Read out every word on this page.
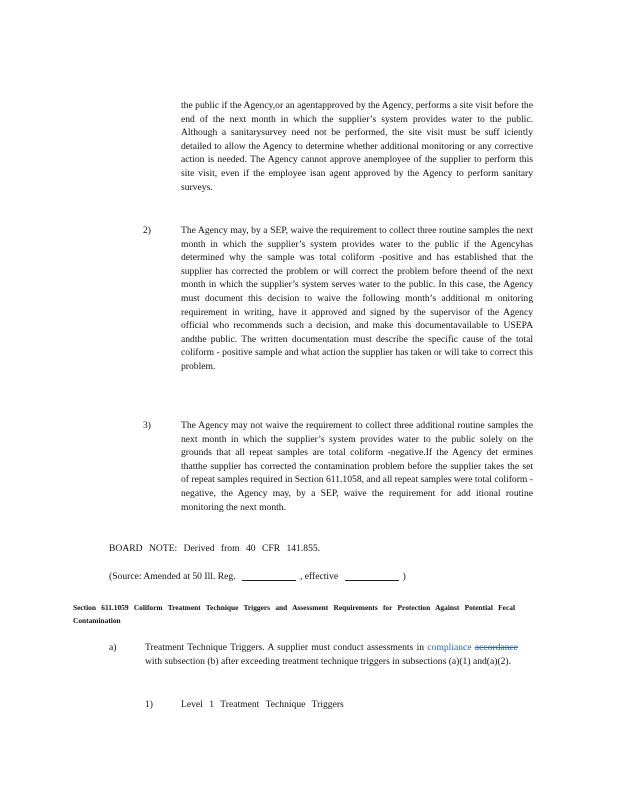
the public if the Agency,or an agentapproved by the Agency, performs a site visit before the end of the next month in which the supplier’s system provides water to the public. Although a sanitarysurvey need not be performed, the site visit must be suff iciently detailed to allow the Agency to determine whether additional monitoring or any corrective action is needed. The Agency cannot approve anemployee of the supplier to perform this site visit, even if the employee isan agent approved by the Agency to perform sanitary surveys.

2)	The Agency may, by a SEP, waive the requirement to collect three routine samples the next month in which the supplier’s system provides water to the public if the Agencyhas determined why the sample was total coliform -positive and has established that the supplier has corrected the problem or will correct the problem before theend of the next month in which the supplier’s system serves water to the public. In this case, the Agency must document this decision to waive the following month’s additional m onitoring requirement in writing, have it approved and signed by the supervisor of the Agency official who recommends such a decision, and make this documentavailable to USEPA andthe public. The written documentation must describe the specific cause of the total coliform - positive sample and what action the supplier has taken or will take to correct this problem.

3)	The Agency may not waive the requirement to collect three additional routine samples the next month in which the supplier’s system provides water to the public solely on the grounds that all repeat samples are total coliform -negative.If the Agency det ermines thatthe supplier has corrected the contamination problem before the supplier takes the set of repeat samples required in Section 611.1058, and all repeat samples were total coliform -negative, the Agency may, by a SEP, waive the requirement for add itional routine monitoring the next month.

BOARD NOTE: Derived from 40 CFR 141.855.
(Source: Amended at 50 Ill. Reg.	, effective	)

Section 611.1059 Coliform Treatment Technique Triggers and Assessment Requirements for Protection Against Potential Fecal Contamination

a)	Treatment Technique Triggers. A supplier must conduct assessments in compliance accordance with subsection (b) after exceeding treatment technique triggers in subsections (a)(1) and(a)(2).

1)	Level 1 Treatment Technique Triggers
